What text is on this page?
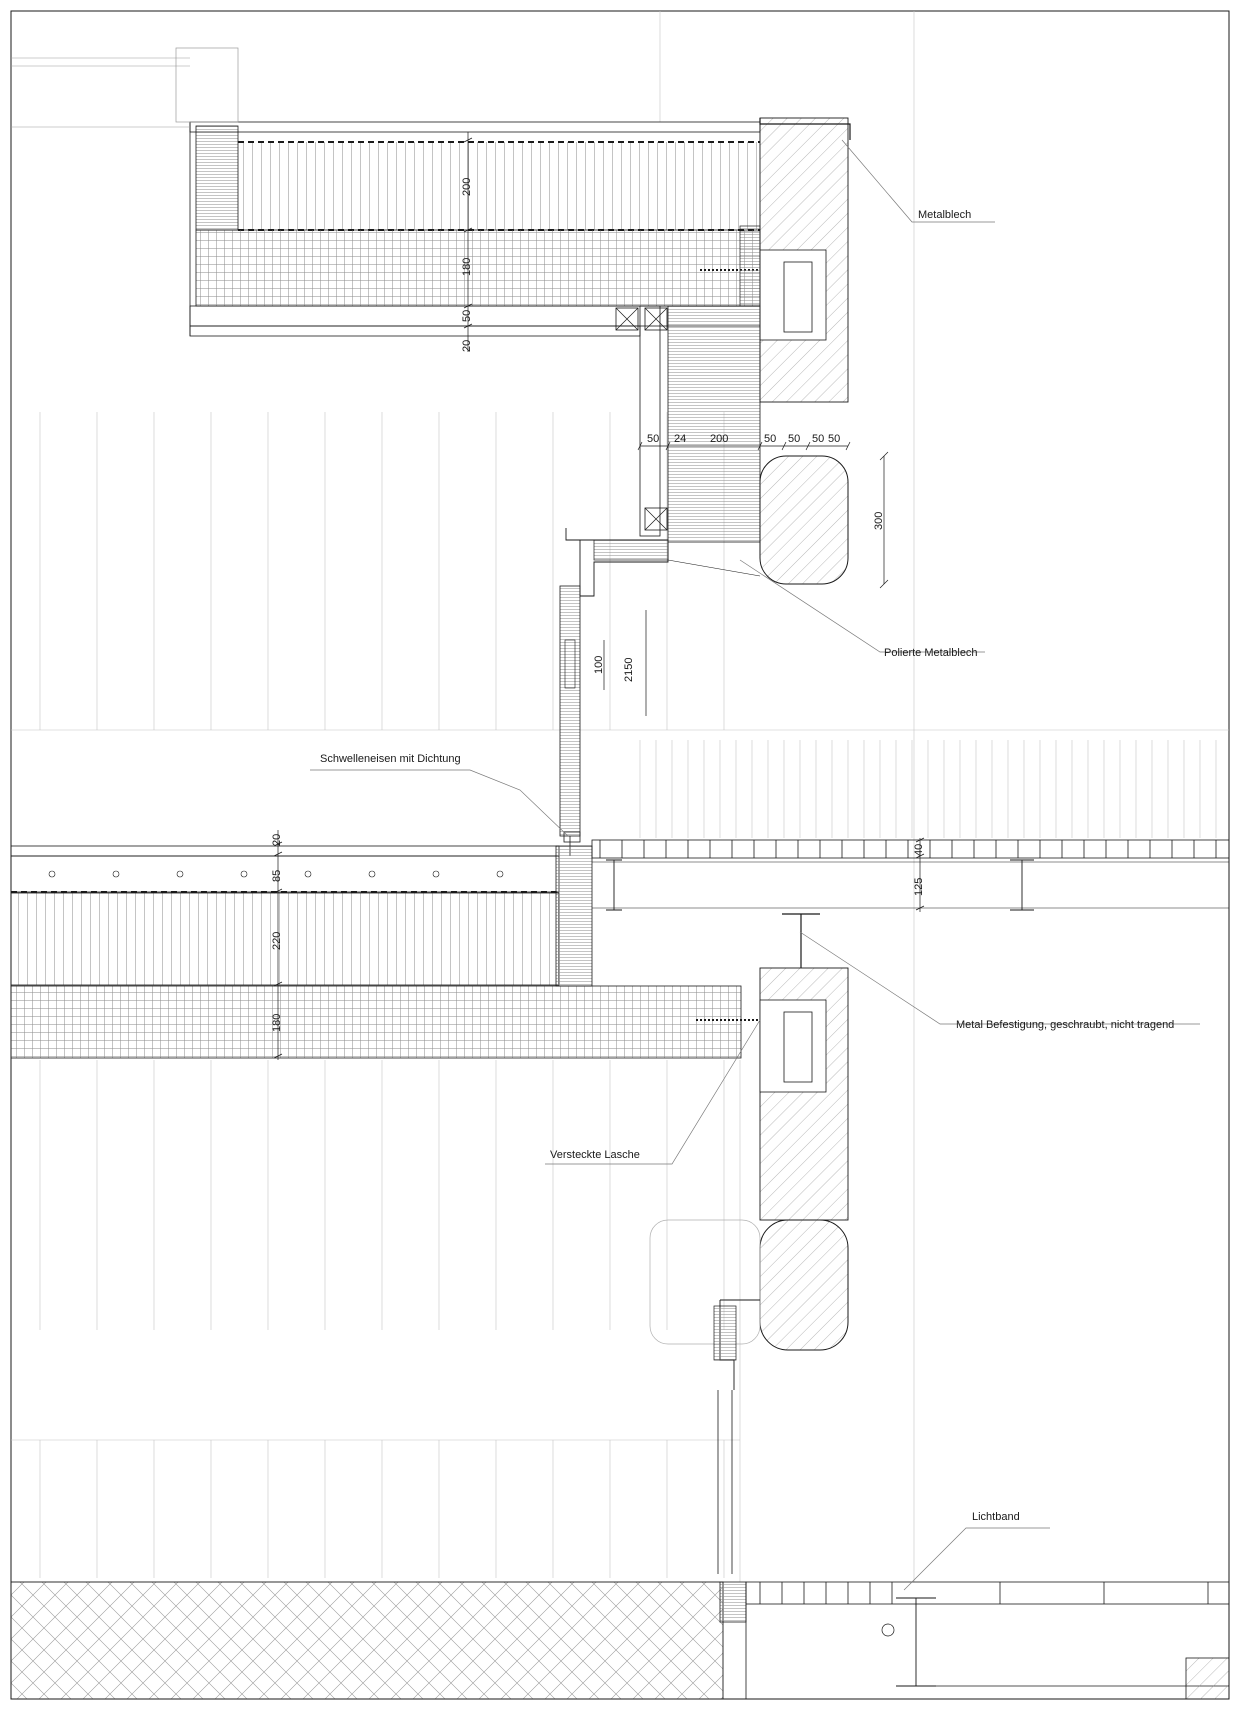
200
180
50
20
50 24 200	50 50 50 50
300
100 2150
20
85
220
180
40
125
Metalblech
Polierte Metalblech
Schwelleneisen mit Dichtung
Metal Befestigung, geschraubt, nicht tragend
Versteckte Lasche
Lichtband
